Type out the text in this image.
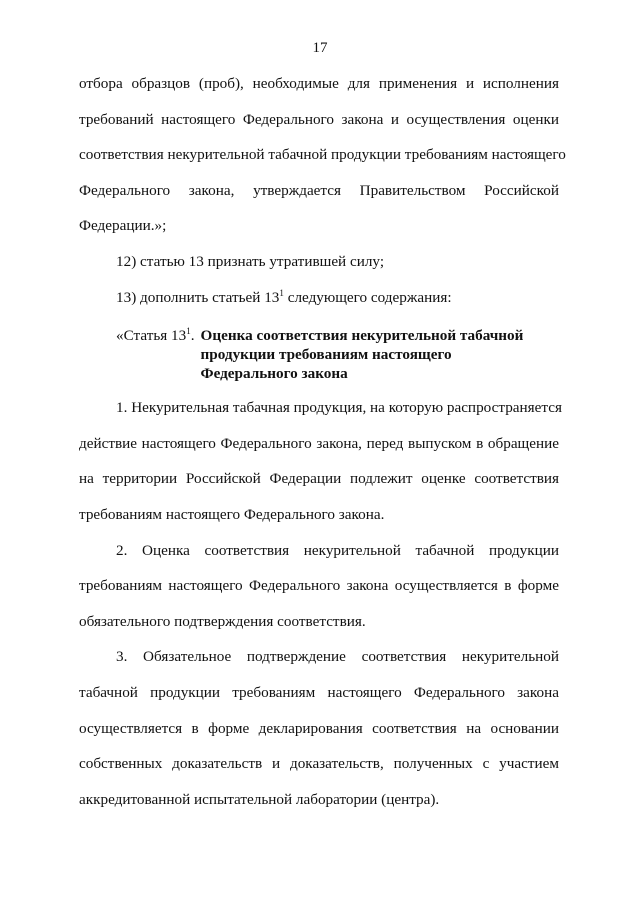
17
отбора образцов (проб), необходимые для применения и исполнения
требований настоящего Федерального закона и осуществления оценки
соответствия некурительной табачной продукции требованиям настоящего
Федерального закона, утверждается Правительством Российской
Федерации.»;
12) статью 13 признать утратившей силу;
13) дополнить статьей $13^1$ следующего содержания:
«Статья $13^1$. Оценка соответствия некурительной табачной
продукции требованиям настоящего
Федерального закона
1. Некурительная табачная продукция, на которую распространяется
действие настоящего Федерального закона, перед выпуском в обращение
на территории Российской Федерации подлежит оценке соответствия
требованиям настоящего Федерального закона.
2. Оценка соответствия некурительной табачной продукции
требованиям настоящего Федерального закона осуществляется в форме
обязательного подтверждения соответствия.
3. Обязательное подтверждение соответствия некурительной
табачной продукции требованиям настоящего Федерального закона
осуществляется в форме декларирования соответствия на основании
собственных доказательств и доказательств, полученных с участием
аккредитованной испытательной лаборатории (центра).
